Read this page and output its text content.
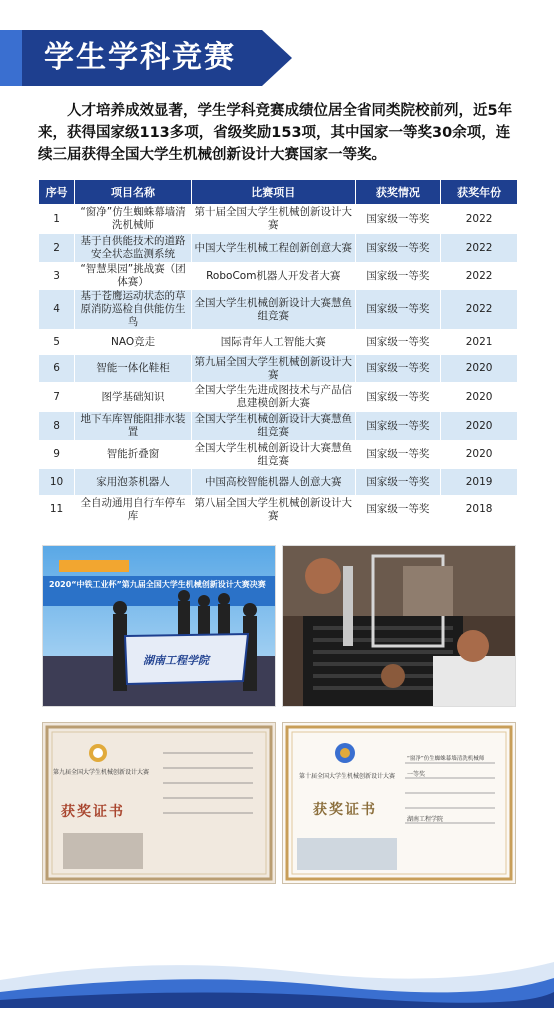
学生学科竞赛
人才培养成效显著，学生学科竞赛成绩位居全省同类院校前列，近5年来，获得国家级113多项，省级奖励153项，其中国家一等奖30余项，连续三届获得全国大学生机械创新设计大赛国家一等奖。
序号	项目名称	比赛项目	获奖情况	获奖年份
1	“窗净”仿生蜘蛛幕墙清洗机械师	第十届全国大学生机械创新设计大赛	国家级一等奖	2022
2	基于自供能技术的道路安全状态监测系统	中国大学生机械工程创新创意大赛	国家级一等奖	2022
3	“智慧果园”挑战赛（团体赛）	RoboCom机器人开发者大赛	国家级一等奖	2022
4	基于苍鹰运动状态的草原消防巡检自供能仿生鸟	全国大学生机械创新设计大赛慧鱼组竞赛	国家级一等奖	2022
5	NAO竞走	国际青年人工智能大赛	国家级一等奖	2021
6	智能一体化鞋柜	第九届全国大学生机械创新设计大赛	国家级一等奖	2020
7	图学基础知识	全国大学生先进成图技术与产品信息建模创新大赛	国家级一等奖	2020
8	地下车库智能阻排水装置	全国大学生机械创新设计大赛慧鱼组竞赛	国家级一等奖	2020
9	智能折叠窗	全国大学生机械创新设计大赛慧鱼组竞赛	国家级一等奖	2020
10	家用泡茶机器人	中国高校智能机器人创意大赛	国家级一等奖	2019
11	全自动通用自行车停车库	第八届全国大学生机械创新设计大赛	国家级一等奖	2018
2020“中铁工业杯”第九届全国大学生机械创新设计大赛决赛
湖南工程学院
第九届全国大学生机械创新设计大赛
获奖证书
第十届全国大学生机械创新设计大赛
获奖证书
“窗净”仿生蜘蛛幕墙清洗机械师
一等奖
湖南工程学院
